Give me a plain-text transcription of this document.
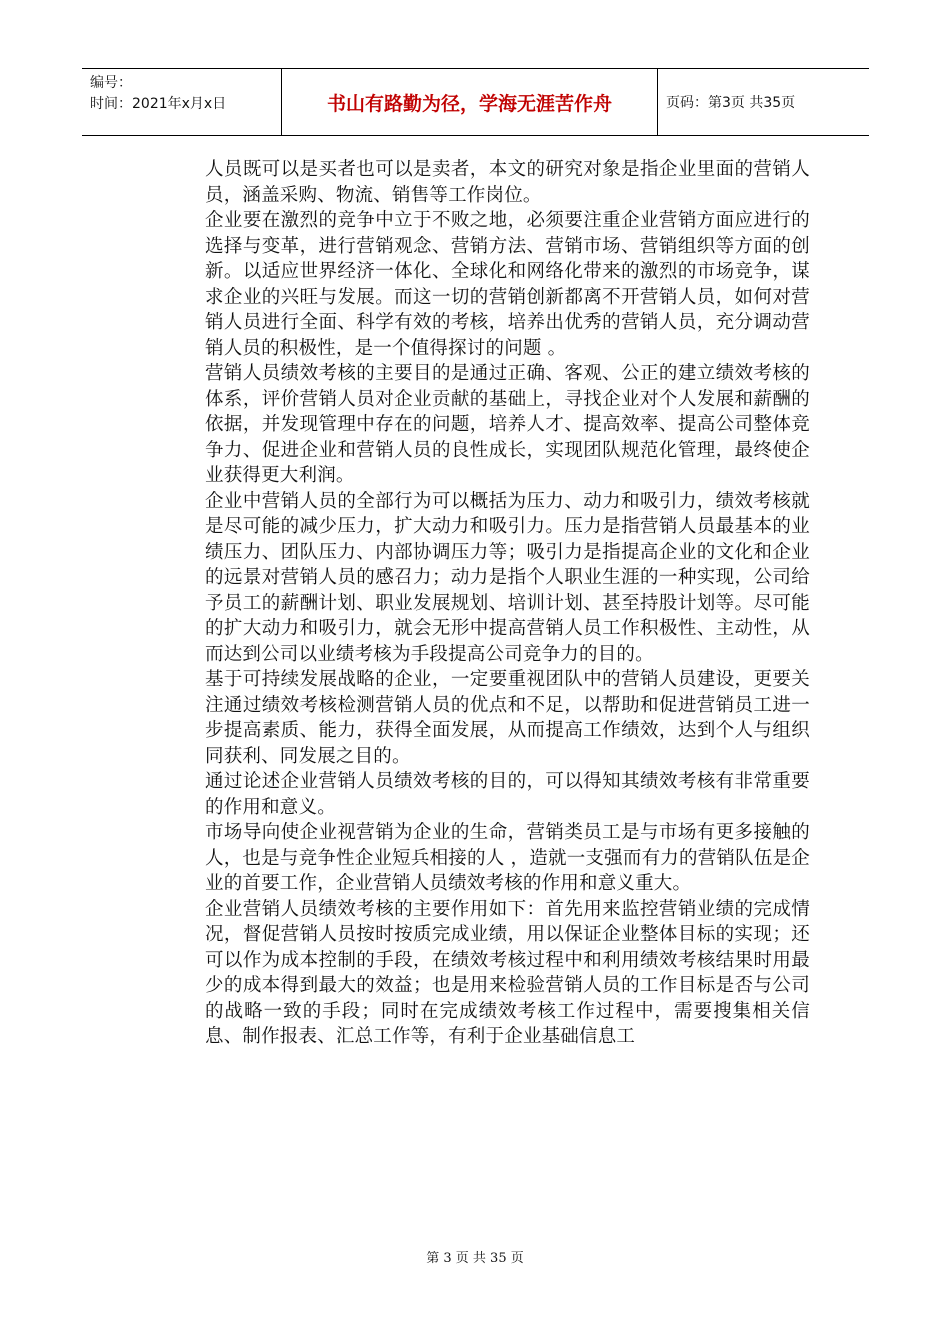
编号：
时间：2021年x月x日	书山有路勤为径，学海无涯苦作舟	页码：第3页 共35页

人员既可以是买者也可以是卖者，本文的研究对象是指企业里面的营销人员，涵盖采购、物流、销售等工作岗位。

企业要在激烈的竞争中立于不败之地，必须要注重企业营销方面应进行的选择与变革，进行营销观念、营销方法、营销市场、营销组织等方面的创新。以适应世界经济一体化、全球化和网络化带来的激烈的市场竞争，谋求企业的兴旺与发展。而这一切的营销创新都离不开营销人员，如何对营销人员进行全面、科学有效的考核，培养出优秀的营销人员，充分调动营销人员的积极性，是一个值得探讨的问题 。

营销人员绩效考核的主要目的是通过正确、客观、公正的建立绩效考核的体系，评价营销人员对企业贡献的基础上，寻找企业对个人发展和薪酬的依据，并发现管理中存在的问题，培养人才、提高效率、提高公司整体竞争力、促进企业和营销人员的良性成长，实现团队规范化管理，最终使企业获得更大利润。

企业中营销人员的全部行为可以概括为压力、动力和吸引力，绩效考核就是尽可能的减少压力，扩大动力和吸引力。压力是指营销人员最基本的业绩压力、团队压力、内部协调压力等；吸引力是指提高企业的文化和企业的远景对营销人员的感召力；动力是指个人职业生涯的一种实现，公司给予员工的薪酬计划、职业发展规划、培训计划、甚至持股计划等。尽可能的扩大动力和吸引力，就会无形中提高营销人员工作积极性、主动性，从而达到公司以业绩考核为手段提高公司竞争力的目的。

基于可持续发展战略的企业，一定要重视团队中的营销人员建设，更要关注通过绩效考核检测营销人员的优点和不足，以帮助和促进营销员工进一步提高素质、能力，获得全面发展，从而提高工作绩效，达到个人与组织同获利、同发展之目的。

通过论述企业营销人员绩效考核的目的，可以得知其绩效考核有非常重要的作用和意义。

市场导向使企业视营销为企业的生命，营销类员工是与市场有更多接触的人，也是与竞争性企业短兵相接的人 ，造就一支强而有力的营销队伍是企业的首要工作，企业营销人员绩效考核的作用和意义重大。

企业营销人员绩效考核的主要作用如下：首先用来监控营销业绩的完成情况，督促营销人员按时按质完成业绩，用以保证企业整体目标的实现；还可以作为成本控制的手段，在绩效考核过程中和利用绩效考核结果时用最少的成本得到最大的效益；也是用来检验营销人员的工作目标是否与公司的战略一致的手段；同时在完成绩效考核工作过程中，需要搜集相关信息、制作报表、汇总工作等，有利于企业基础信息工

第 3 页 共 35 页
